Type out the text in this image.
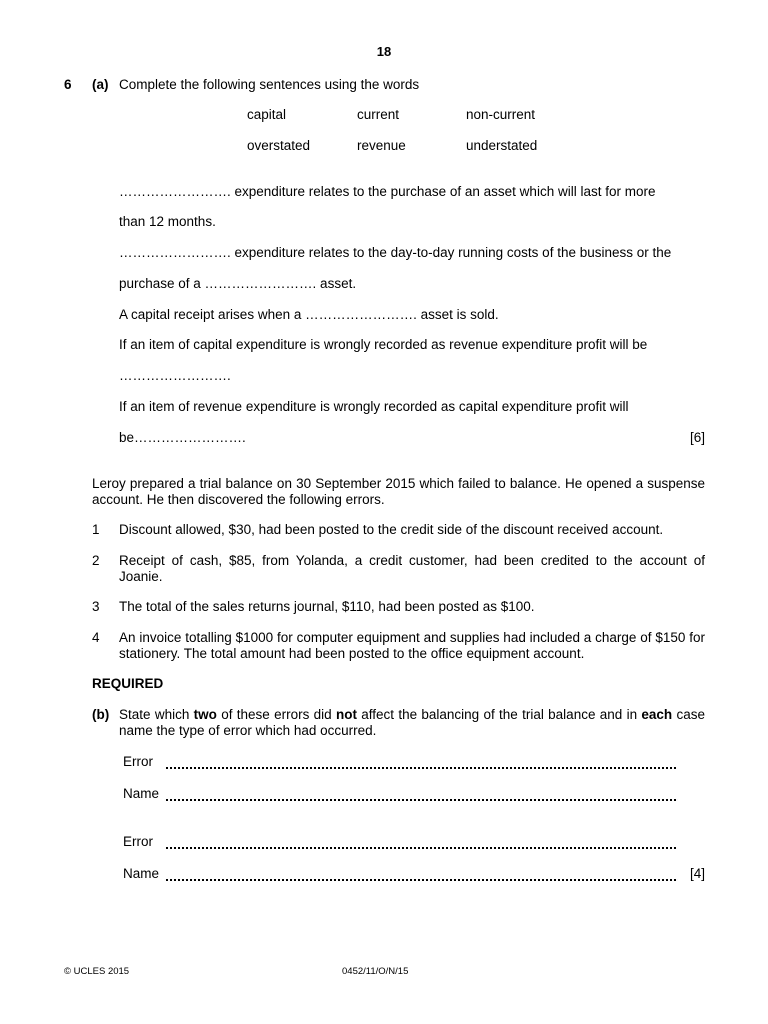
18
6 (a) Complete the following sentences using the words
capital	current	non-current
overstated	revenue	understated
……………………. expenditure relates to the purchase of an asset which will last for more
than 12 months.
……………………. expenditure relates to the day-to-day running costs of the business or the
purchase of a ……………………. asset.
A capital receipt arises when a ……………………. asset is sold.
If an item of capital expenditure is wrongly recorded as revenue expenditure profit will be
…………………….
If an item of revenue expenditure is wrongly recorded as capital expenditure profit will
be…………………….	[6]
Leroy prepared a trial balance on 30 September 2015 which failed to balance. He opened a suspense account. He then discovered the following errors.
1 Discount allowed, $30, had been posted to the credit side of the discount received account.
2 Receipt of cash, $85, from Yolanda, a credit customer, had been credited to the account of Joanie.
3 The total of the sales returns journal, $110, had been posted as $100.
4 An invoice totalling $1000 for computer equipment and supplies had included a charge of $150 for stationery. The total amount had been posted to the office equipment account.
REQUIRED
(b) State which two of these errors did not affect the balancing of the trial balance and in each case name the type of error which had occurred.
Error
Name
Error
Name	[4]
© UCLES 2015	0452/11/O/N/15
